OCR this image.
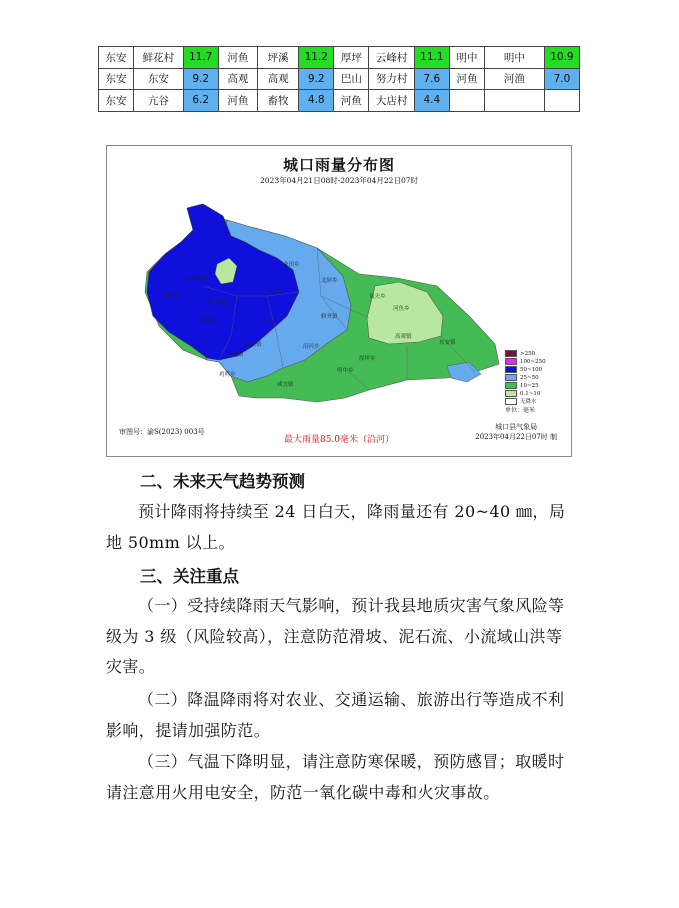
东安	鲜花村	11.7	河鱼	坪溪	11.2	厚坪	云峰村	11.1	明中	明中	10.9
东安	东安	9.2	高观	高观	9.2	巴山	努力村	7.6	河鱼	河渔	7.0
东安	亢谷	6.2	河鱼	畜牧	4.8	河鱼	大店村	4.4			
城口雨量分布图
2023年04月21日08时-2023年04月22日07时
葛城街道
坪坝镇
龙田乡
北屏乡
岚天乡
河鱼乡
高观镇
东安镇
修齐镇
沿河乡
明中乡
庙坝镇
厚坪乡
鸡鸣乡
咸宜镇
治平乡
明通镇
周溪乡
高燕镇
复兴街道
>250
100~250
50~100
25~50
10~25
0.1~10
无降水
单位：毫米
审图号：渝S(2023) 003号
最大雨量85.0毫米（沿河）
城口县气象局
2023年04月22日07时 制
二、未来天气趋势预测

预计降雨将持续至 24 日白天，降雨量还有 20~40 ㎜，局地 50mm 以上。

三、关注重点

（一）受持续降雨天气影响，预计我县地质灾害气象风险等级为 3 级（风险较高），注意防范滑坡、泥石流、小流域山洪等灾害。

（二）降温降雨将对农业、交通运输、旅游出行等造成不利影响，提请加强防范。

（三）气温下降明显，请注意防寒保暖，预防感冒；取暖时请注意用火用电安全，防范一氧化碳中毒和火灾事故。
